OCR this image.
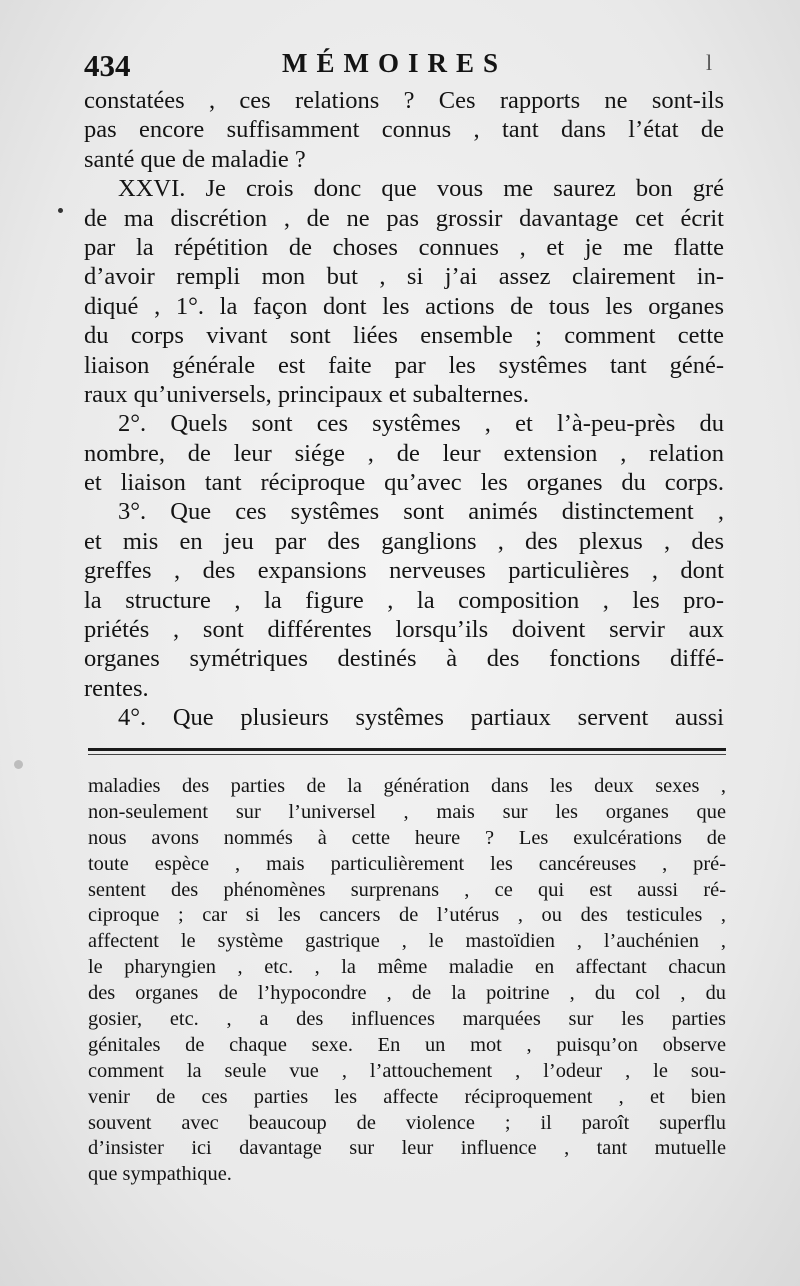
434	MÉMOIRES	l
constatées , ces relations ? Ces rapports ne sont-ils
pas encore suffisamment connus , tant dans l’état de
santé que de maladie ?
XXVI. Je crois donc que vous me saurez bon gré
de ma discrétion , de ne pas grossir davantage cet écrit
par la répétition de choses connues , et je me flatte
d’avoir rempli mon but , si j’ai assez clairement in-
diqué , 1°. la façon dont les actions de tous les organes
du corps vivant sont liées ensemble ; comment cette
liaison générale est faite par les systêmes tant géné-
raux qu’universels, principaux et subalternes.
2°. Quels sont ces systêmes , et l’à-peu-près du
nombre, de leur siége , de leur extension , relation
et liaison tant réciproque qu’avec les organes du corps.
3°. Que ces systêmes sont animés distinctement ,
et mis en jeu par des ganglions , des plexus , des
greffes , des expansions nerveuses particulières , dont
la structure , la figure , la composition , les pro-
priétés , sont différentes lorsqu’ils doivent servir aux
organes symétriques destinés à des fonctions diffé-
rentes.
4°. Que plusieurs systêmes partiaux servent aussi
maladies des parties de la génération dans les deux sexes ,
non-seulement sur l’universel , mais sur les organes que
nous avons nommés à cette heure ? Les exulcérations de
toute espèce , mais particulièrement les cancéreuses , pré-
sentent des phénomènes surprenans , ce qui est aussi ré-
ciproque ; car si les cancers de l’utérus , ou des testicules ,
affectent le système gastrique , le mastoïdien , l’auchénien ,
le pharyngien , etc. , la même maladie en affectant chacun
des organes de l’hypocondre , de la poitrine , du col , du
gosier, etc. , a des influences marquées sur les parties
génitales de chaque sexe. En un mot , puisqu’on observe
comment la seule vue , l’attouchement , l’odeur , le sou-
venir de ces parties les affecte réciproquement , et bien
souvent avec beaucoup de violence ; il paroît superflu
d’insister ici davantage sur leur influence , tant mutuelle
que sympathique.
